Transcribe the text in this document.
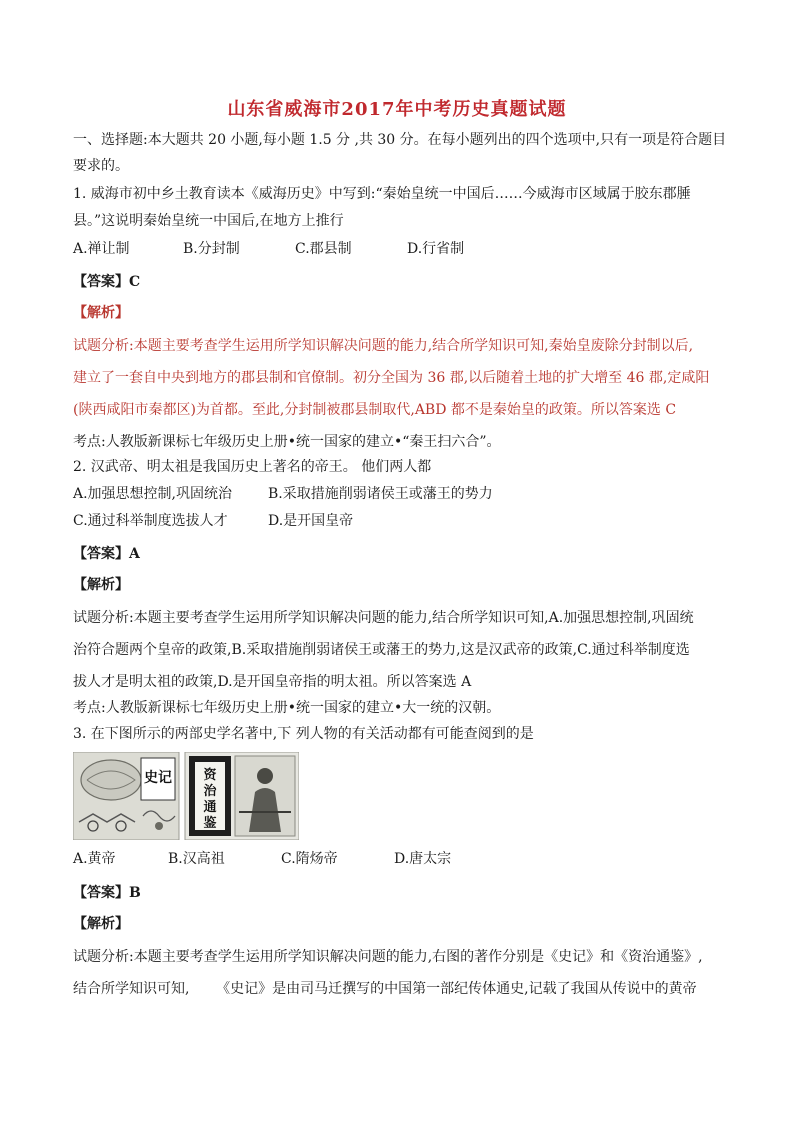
山东省威海市2017年中考历史真题试题
一、选择题:本大题共 20 小题,每小题 1.5 分 ,共 30 分。在每小题列出的四个选项中,只有一项是符合题目
要求的。
1. 威海市初中乡土教育读本《威海历史》中写到:“秦始皇统一中国后……今威海市区域属于胶东郡腄
县。”这说明秦始皇统一中国后,在地方上推行
A.禅让制	B.分封制	C.郡县制	D.行省制
【答案】C
【解析】
试题分析:本题主要考查学生运用所学知识解决问题的能力,结合所学知识可知,秦始皇废除分封制以后,
建立了一套自中央到地方的郡县制和官僚制。初分全国为 36 郡,以后随着土地的扩大增至 46 郡,定咸阳
(陕西咸阳市秦都区)为首都。至此,分封制被郡县制取代,ABD 都不是秦始皇的政策。所以答案选 C
考点:人教版新课标七年级历史上册•统一国家的建立•“秦王扫六合”。
2. 汉武帝、明太祖是我国历史上著名的帝王。 他们两人都
A.加强思想控制,巩固统治	B.采取措施削弱诸侯王或藩王的势力
C.通过科举制度选拔人才	D.是开国皇帝
【答案】A
【解析】
试题分析:本题主要考查学生运用所学知识解决问题的能力,结合所学知识可知,A.加强思想控制,巩固统
治符合题两个皇帝的政策,B.采取措施削弱诸侯王或藩王的势力,这是汉武帝的政策,C.通过科举制度选
拔人才是明太祖的政策,D.是开国皇帝指的明太祖。所以答案选 A
考点:人教版新课标七年级历史上册•统一国家的建立•大一统的汉朝。
3. 在下图所示的两部史学名著中,下 列人物的有关活动都有可能查阅到的是
史记 资
治
通
鉴
A.黄帝	B.汉高祖	C.隋炀帝	D.唐太宗
【答案】B
【解析】
试题分析:本题主要考查学生运用所学知识解决问题的能力,右图的著作分别是《史记》和《资治通鉴》,
结合所学知识可知,      《史记》是由司马迁撰写的中国第一部纪传体通史,记载了我国从传说中的黄帝
